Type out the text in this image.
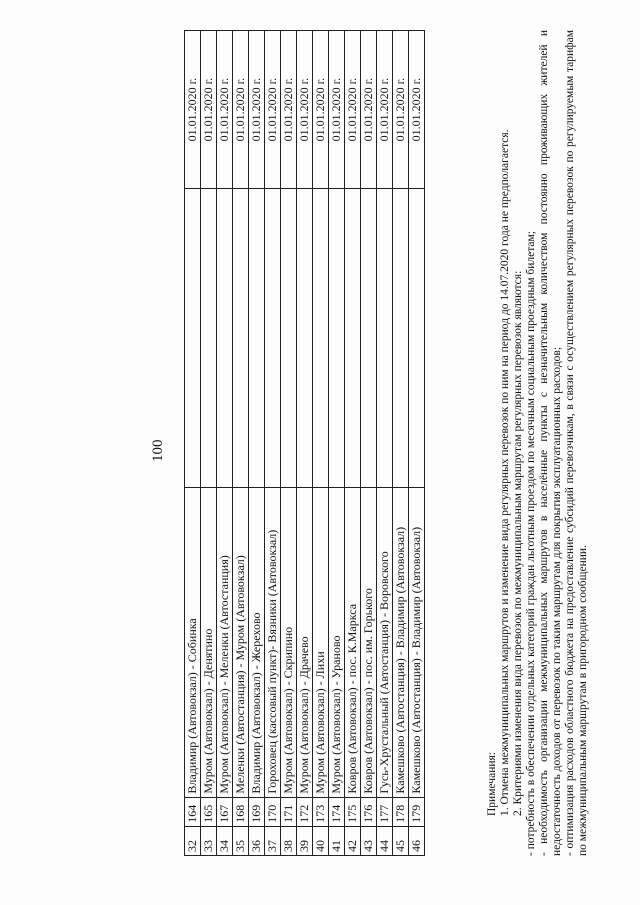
100
32	164	Владимир (Автовокзал) - Собинка		01.01.2020 г.
33	165	Муром (Автовокзал) - Денятино		01.01.2020 г.
34	167	Муром (Автовокзал) - Меленки (Автостанция)		01.01.2020 г.
35	168	Меленки (Автостанция) - Муром (Автовокзал)		01.01.2020 г.
36	169	Владимир (Автовокзал) - Жерехово		01.01.2020 г.
37	170	Гороховец (кассовый пункт)- Вязники (Автовокзал)		01.01.2020 г.
38	171	Муром (Автовокзал) - Скрипино		01.01.2020 г.
39	172	Муром (Автовокзал) - Драчево		01.01.2020 г.
40	173	Муром (Автовокзал) - Лихи		01.01.2020 г.
41	174	Муром (Автовокзал) - Ураново		01.01.2020 г.
42	175	Ковров (Автовокзал) - пос. К.Маркса		01.01.2020 г.
43	176	Ковров (Автовокзал) - пос. им. Горького		01.01.2020 г.
44	177	Гусь-Хрустальный (Автостанция) - Воровского		01.01.2020 г.
45	178	Камешково (Автостанция) - Владимир (Автовокзал)		01.01.2020 г.
46	179	Камешково (Автостанция) - Владимир (Автовокзал)		01.01.2020 г.

Примечания: 1. Отмена межмуниципальных маршрутов и изменение вида регулярных перевозок по ним на период до 14.07.2020 года не предполагается. 2. Критериями изменения вида перевозок по межмуниципальным маршрутам регулярных перевозок являются: - потребность в обеспечении отдельных категорий граждан льготным проездом по месячным социальным проездным билетам; - необходимость организации межмуниципальных маршрутов в населённые пункты с незначительным количеством постоянно проживающих жителей и недостаточность доходов от перевозок по таким маршрутам для покрытия эксплуатационных расходов; - оптимизация расходов областного бюджета на предоставление субсидий перевозчикам, в связи с осуществлением регулярных перевозок по регулируемым тарифам по межмуниципальным маршрутам в пригородном сообщении.
